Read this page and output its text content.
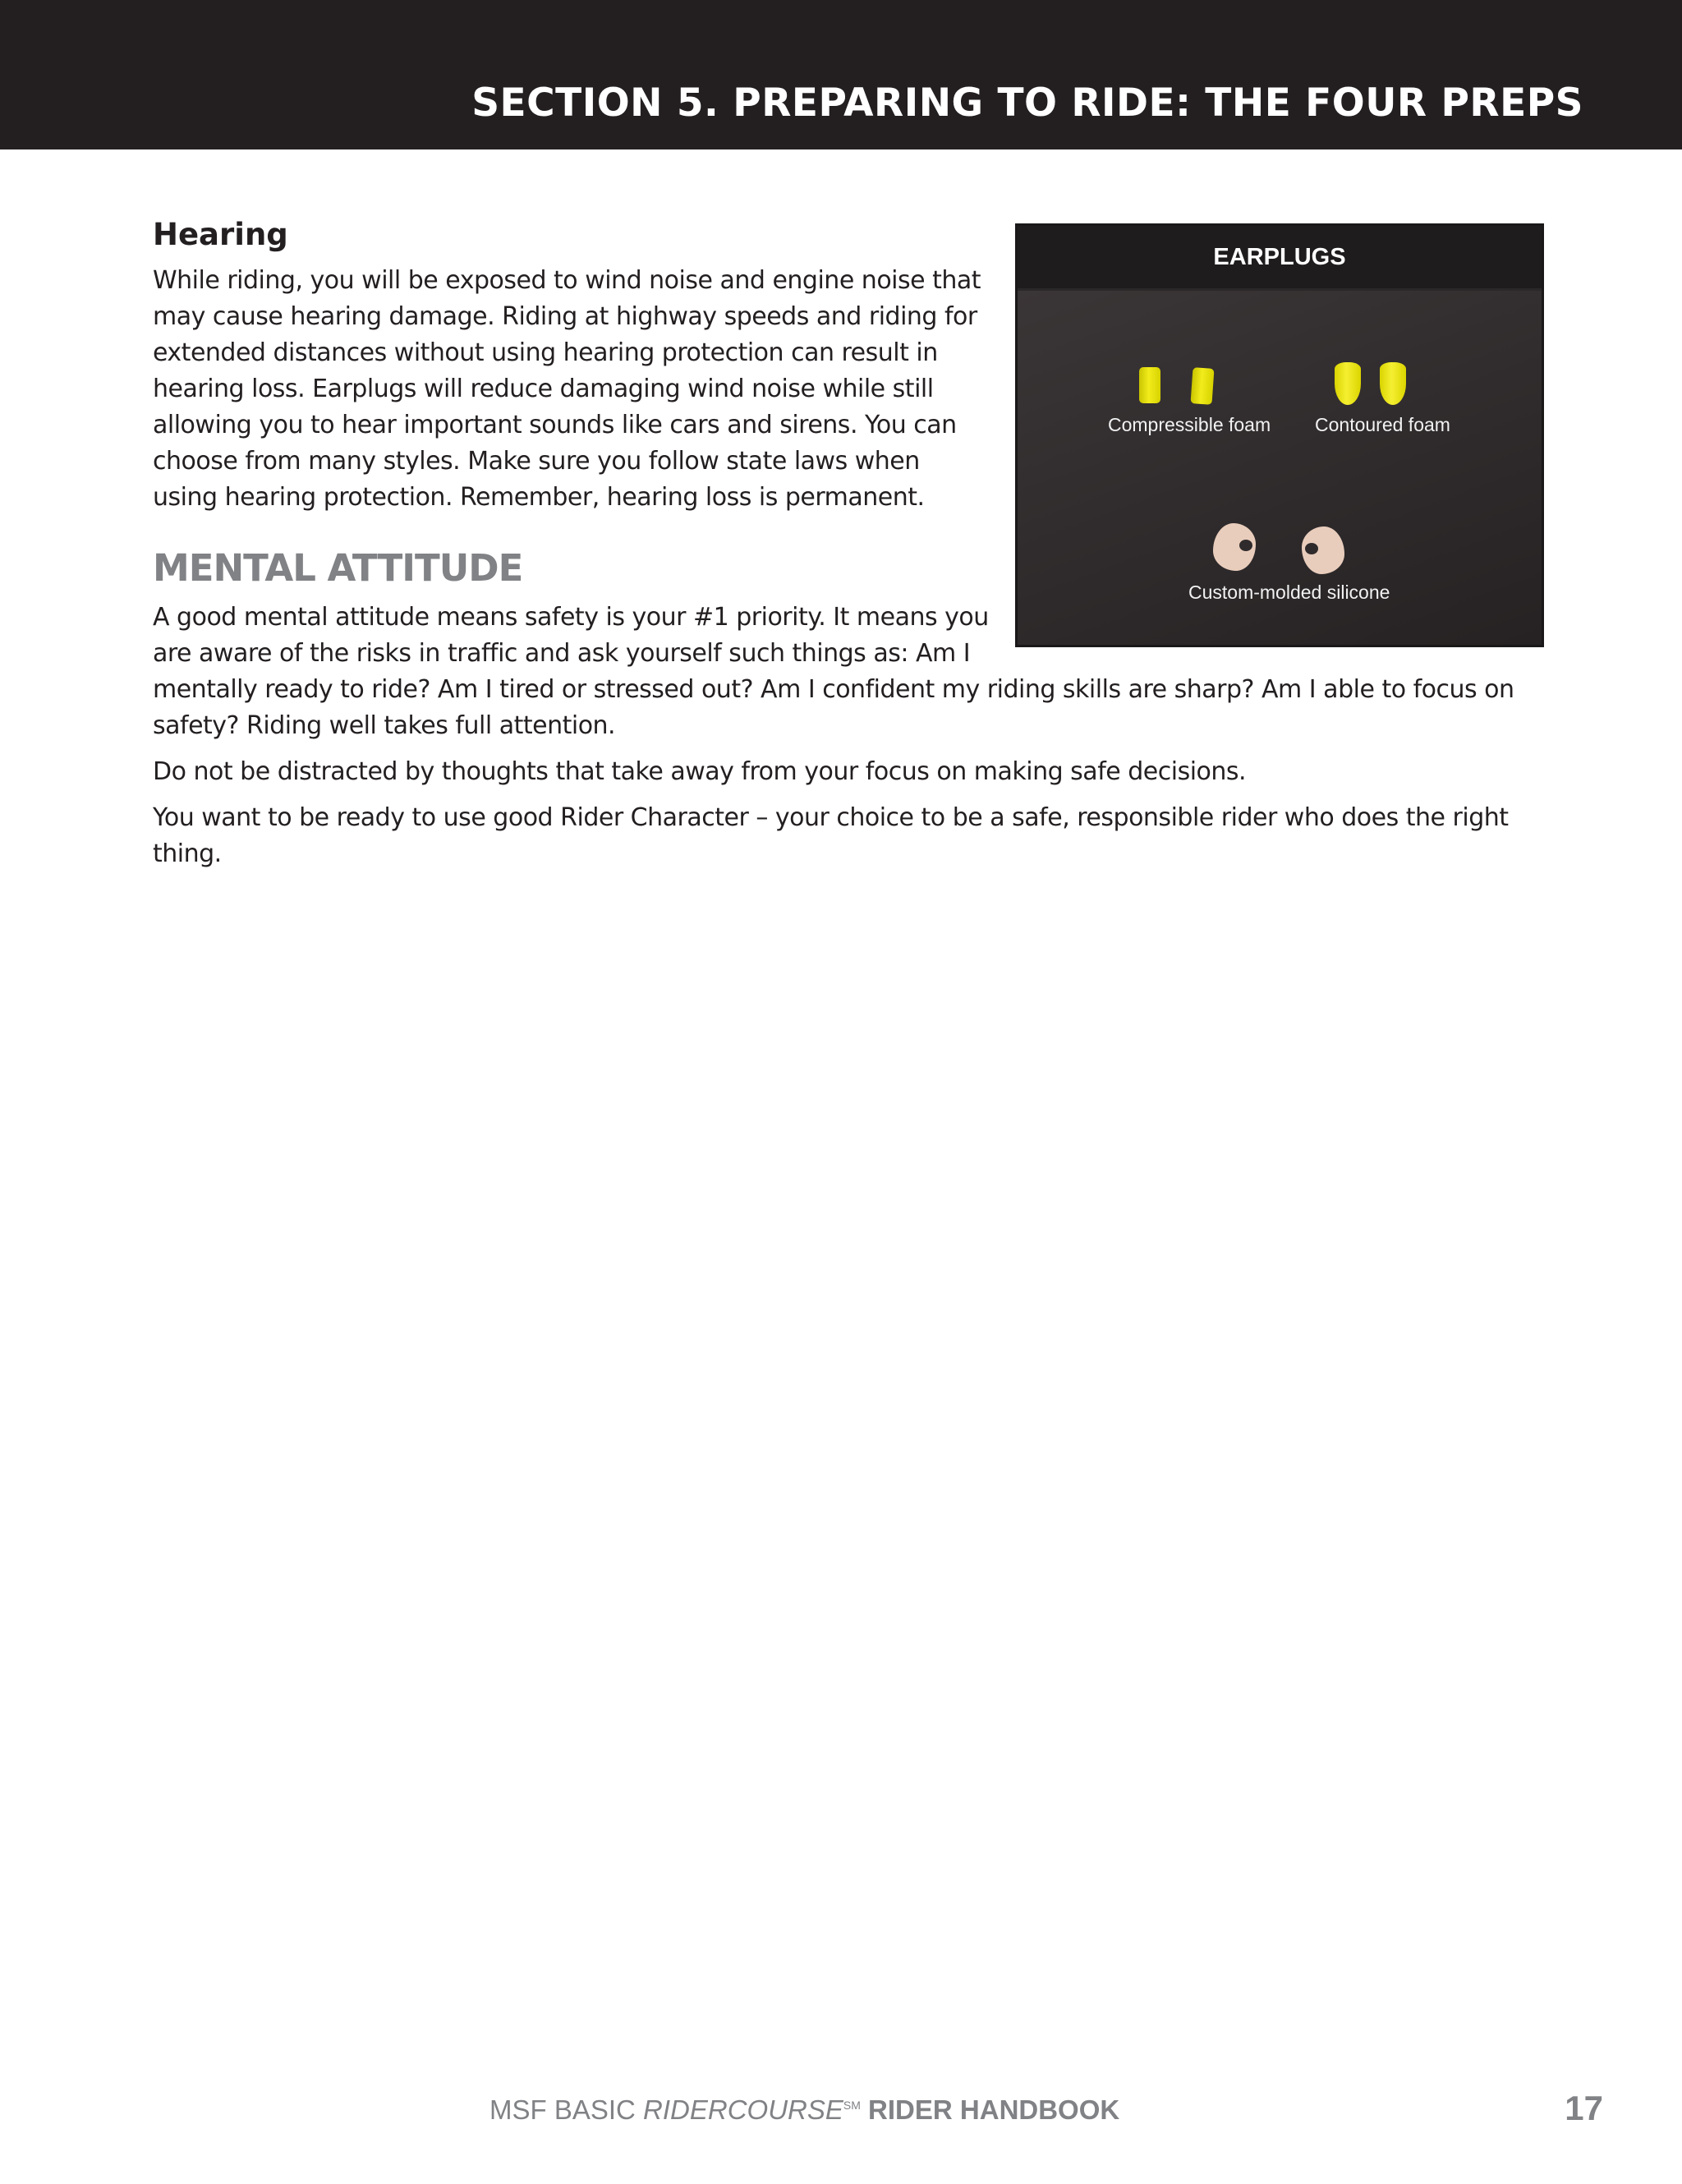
SECTION 5. PREPARING TO RIDE: THE FOUR PREPS
EARPLUGS
Compressible foam Contoured foam
Custom-molded silicone
Hearing

While riding, you will be exposed to wind noise and engine noise that may cause hearing damage. Riding at highway speeds and riding for extended distances without using hearing protection can result in hearing loss. Earplugs will reduce damaging wind noise while still allowing you to hear important sounds like cars and sirens. You can choose from many styles. Make sure you follow state laws when using hearing protection. Remember, hearing loss is permanent.

MENTAL ATTITUDE

A good mental attitude means safety is your #1 priority. It means you are aware of the risks in traffic and ask yourself such things as: Am I mentally ready to ride? Am I tired or stressed out? Am I confident my riding skills are sharp? Am I able to focus on safety? Riding well takes full attention.

Do not be distracted by thoughts that take away from your focus on making safe decisions.

You want to be ready to use good Rider Character – your choice to be a safe, responsible rider who does the right thing.

MSF BASIC RIDERCOURSE℠ RIDER HANDBOOK	17
